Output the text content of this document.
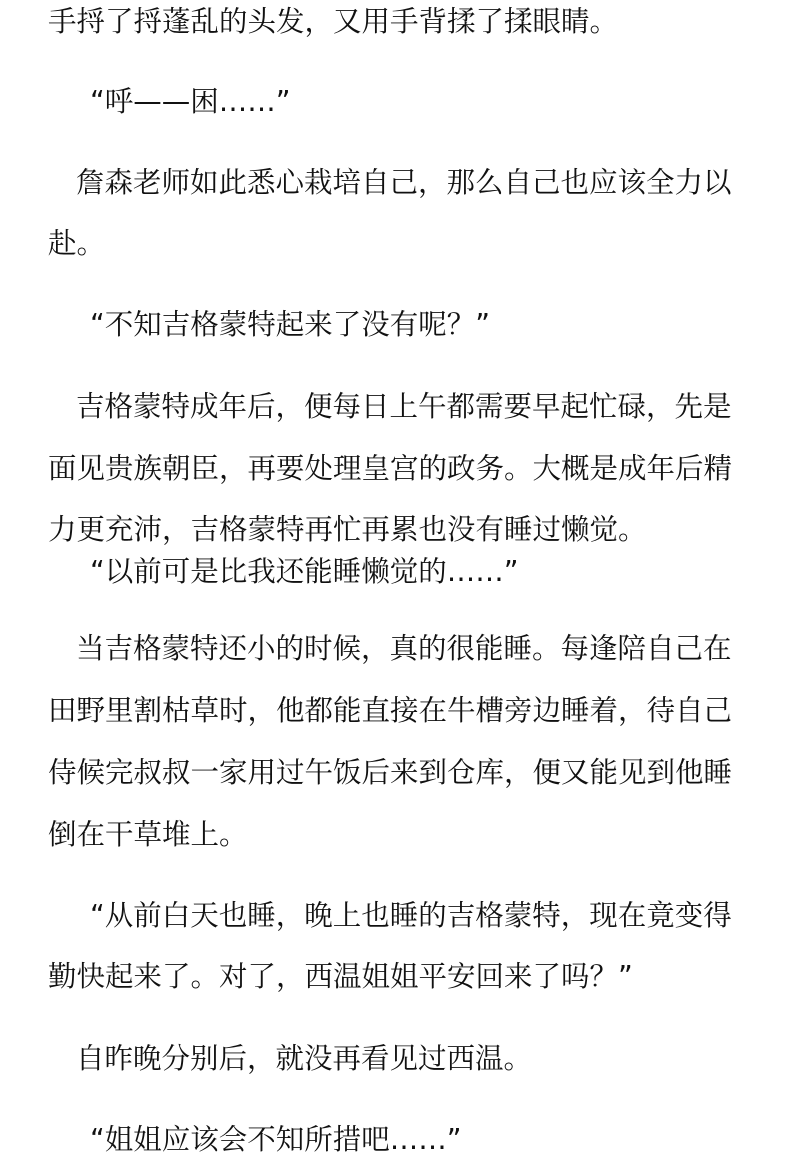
手捋了捋蓬乱的头发，又用手背揉了揉眼睛。

“呼——困……”

詹森老师如此悉心栽培自己，那么自己也应该全力以

赴。

“不知吉格蒙特起来了没有呢？”

吉格蒙特成年后，便每日上午都需要早起忙碌，先是

面见贵族朝臣，再要处理皇宫的政务。大概是成年后精

力更充沛，吉格蒙特再忙再累也没有睡过懒觉。

“以前可是比我还能睡懒觉的……”

当吉格蒙特还小的时候，真的很能睡。每逢陪自己在

田野里割枯草时，他都能直接在牛槽旁边睡着，待自己

侍候完叔叔一家用过午饭后来到仓库，便又能见到他睡

倒在干草堆上。

“从前白天也睡，晚上也睡的吉格蒙特，现在竟变得

勤快起来了。对了，西温姐姐平安回来了吗？”

自昨晚分别后，就没再看见过西温。

“姐姐应该会不知所措吧……”
